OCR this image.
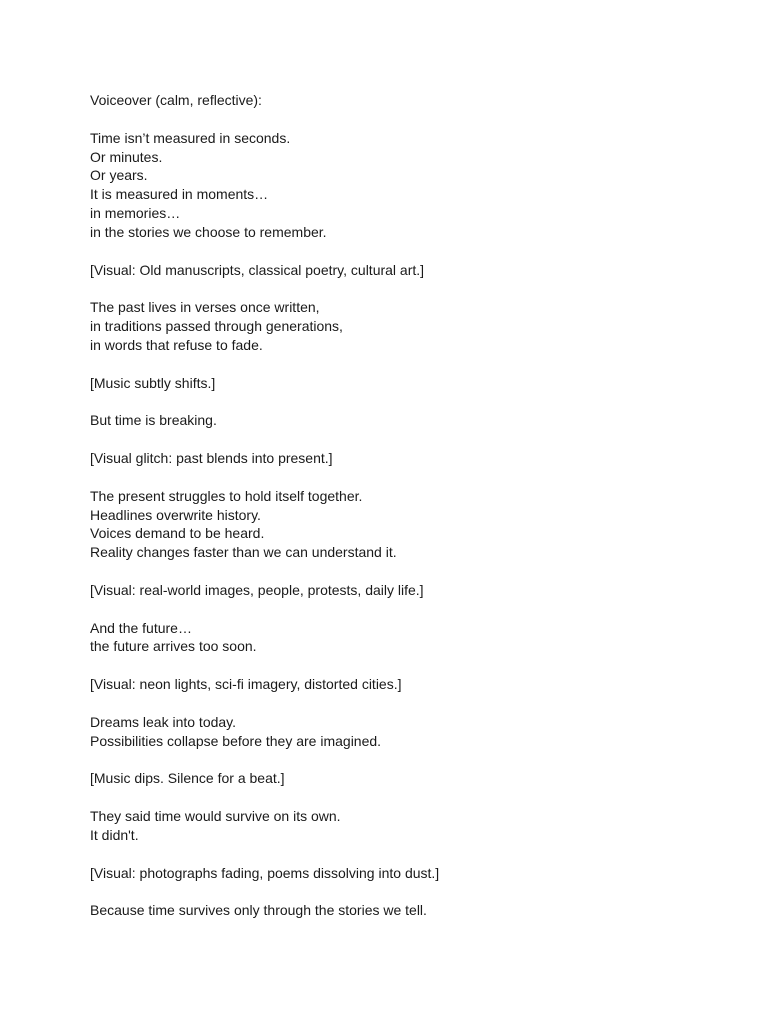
Voiceover (calm, reflective):
Time isn’t measured in seconds.
Or minutes.
Or years.
It is measured in moments…
in memories…
in the stories we choose to remember.
[Visual: Old manuscripts, classical poetry, cultural art.]
The past lives in verses once written,
in traditions passed through generations,
in words that refuse to fade.
[Music subtly shifts.]
But time is breaking.
[Visual glitch: past blends into present.]
The present struggles to hold itself together.
Headlines overwrite history.
Voices demand to be heard.
Reality changes faster than we can understand it.
[Visual: real-world images, people, protests, daily life.]
And the future…
the future arrives too soon.
[Visual: neon lights, sci-fi imagery, distorted cities.]
Dreams leak into today.
Possibilities collapse before they are imagined.
[Music dips. Silence for a beat.]
They said time would survive on its own.
It didn't.
[Visual: photographs fading, poems dissolving into dust.]
Because time survives only through the stories we tell.
